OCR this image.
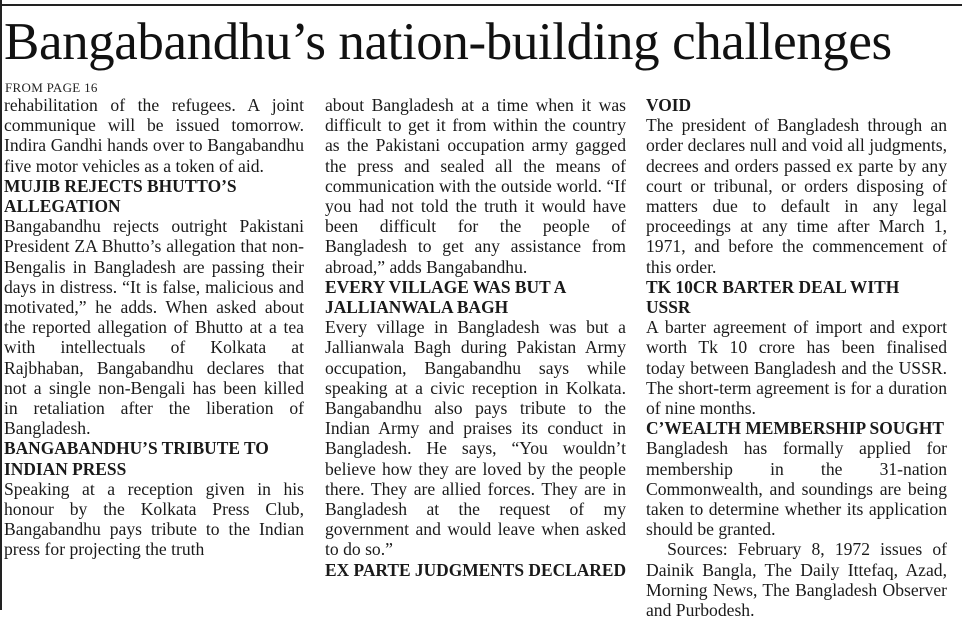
Bangabandhu’s nation-building challenges
FROM PAGE 16

rehabilitation of the refugees. A joint communique will be issued tomorrow. Indira Gandhi hands over to Bangabandhu five motor vehicles as a token of aid.

MUJIB REJECTS BHUTTO’S ALLEGATION

Bangabandhu rejects outright Pakistani President ZA Bhutto’s allegation that non-Bengalis in Bangladesh are passing their days in distress. “It is false, malicious and motivated,” he adds. When asked about the reported allegation of Bhutto at a tea with intellectuals of Kolkata at Rajbhaban, Bangabandhu declares that not a single non-Bengali has been killed in retaliation after the liberation of Bangladesh.

BANGABANDHU’S TRIBUTE TO INDIAN PRESS

Speaking at a reception given in his honour by the Kolkata Press Club, Bangabandhu pays tribute to the Indian press for projecting the truth

about Bangladesh at a time when it was difficult to get it from within the country as the Pakistani occupation army gagged the press and sealed all the means of communication with the outside world. “If you had not told the truth it would have been difficult for the people of Bangladesh to get any assistance from abroad,” adds Bangabandhu.

EVERY VILLAGE WAS BUT A JALLIANWALA BAGH

Every village in Bangladesh was but a Jallianwala Bagh during Pakistan Army occupation, Bangabandhu says while speaking at a civic reception in Kolkata. Bangabandhu also pays tribute to the Indian Army and praises its conduct in Bangladesh. He says, “You wouldn’t believe how they are loved by the people there. They are allied forces. They are in Bangladesh at the request of my government and would leave when asked to do so.”

EX PARTE JUDGMENTS DECLARED
VOID

The president of Bangladesh through an order declares null and void all judgments, decrees and orders passed ex parte by any court or tribunal, or orders disposing of matters due to default in any legal proceedings at any time after March 1, 1971, and before the commencement of this order.

TK 10CR BARTER DEAL WITH USSR

A barter agreement of import and export worth Tk 10 crore has been finalised today between Bangladesh and the USSR. The short-term agreement is for a duration of nine months.

C’WEALTH MEMBERSHIP SOUGHT

Bangladesh has formally applied for membership in the 31-nation Commonwealth, and soundings are being taken to determine whether its application should be granted.

Sources: February 8, 1972 issues of Dainik Bangla, The Daily Ittefaq, Azad, Morning News, The Bangladesh Observer and Purbodesh.
